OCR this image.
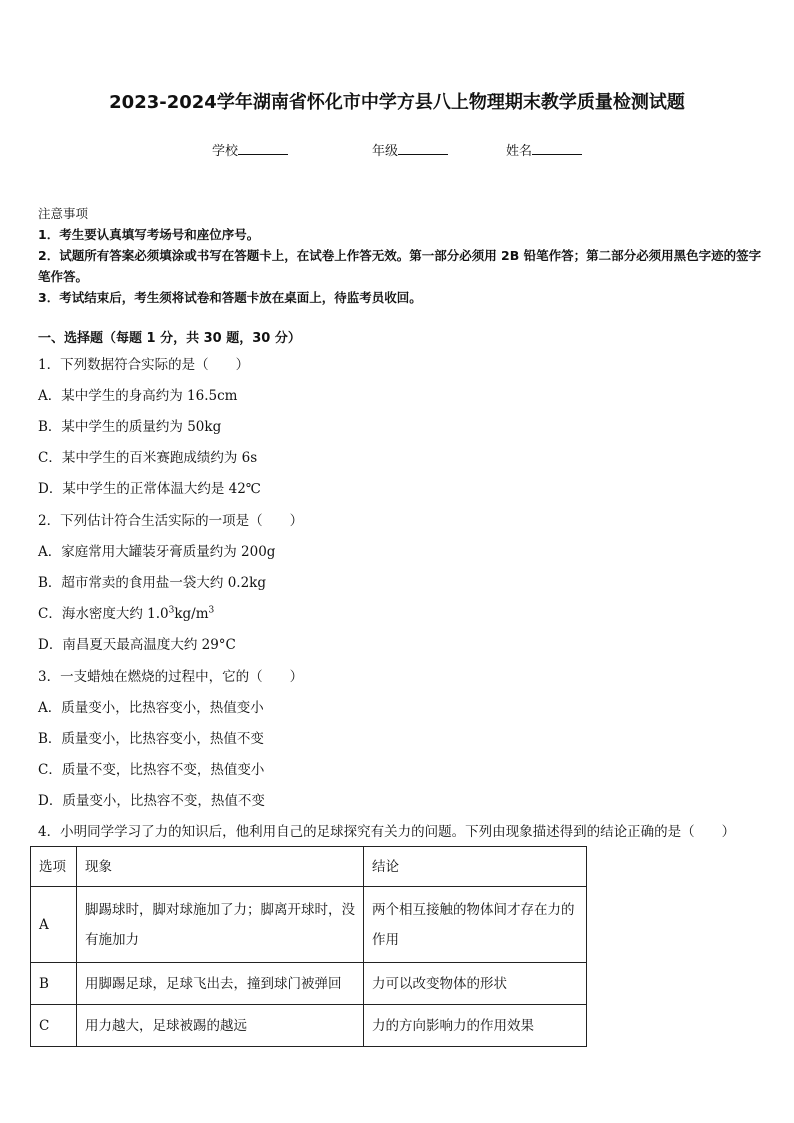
2023-2024学年湖南省怀化市中学方县八上物理期末教学质量检测试题
学校	年级	姓名
注意事项
1．考生要认真填写考场号和座位序号。
2．试题所有答案必须填涂或书写在答题卡上，在试卷上作答无效。第一部分必须用 2B 铅笔作答；第二部分必须用黑色字迹的签字笔作答。
3．考试结束后，考生须将试卷和答题卡放在桌面上，待监考员收回。
一、选择题（每题 1 分，共 30 题，30 分）
1．下列数据符合实际的是（　　）
A．某中学生的身高约为 16.5cm
B．某中学生的质量约为 50kg
C．某中学生的百米赛跑成绩约为 6s
D．某中学生的正常体温大约是 42℃
2．下列估计符合生活实际的一项是（　　）
A．家庭常用大罐装牙膏质量约为 200g
B．超市常卖的食用盐一袋大约 0.2kg
C．海水密度大约 $1.0^3kg/m^3$
D．南昌夏天最高温度大约 29°C
3．一支蜡烛在燃烧的过程中，它的（　　）
A．质量变小，比热容变小，热值变小
B．质量变小，比热容变小，热值不变
C．质量不变，比热容不变，热值变小
D．质量变小，比热容不变，热值不变
4．小明同学学习了力的知识后，他利用自己的足球探究有关力的问题。下列由现象描述得到的结论正确的是（　　）
选项	现象	结论
A	脚踢球时，脚对球施加了力；脚离开球时，没有施加力	两个相互接触的物体间才存在力的作用
B	用脚踢足球，足球飞出去，撞到球门被弹回	力可以改变物体的形状
C	用力越大，足球被踢的越远	力的方向影响力的作用效果
